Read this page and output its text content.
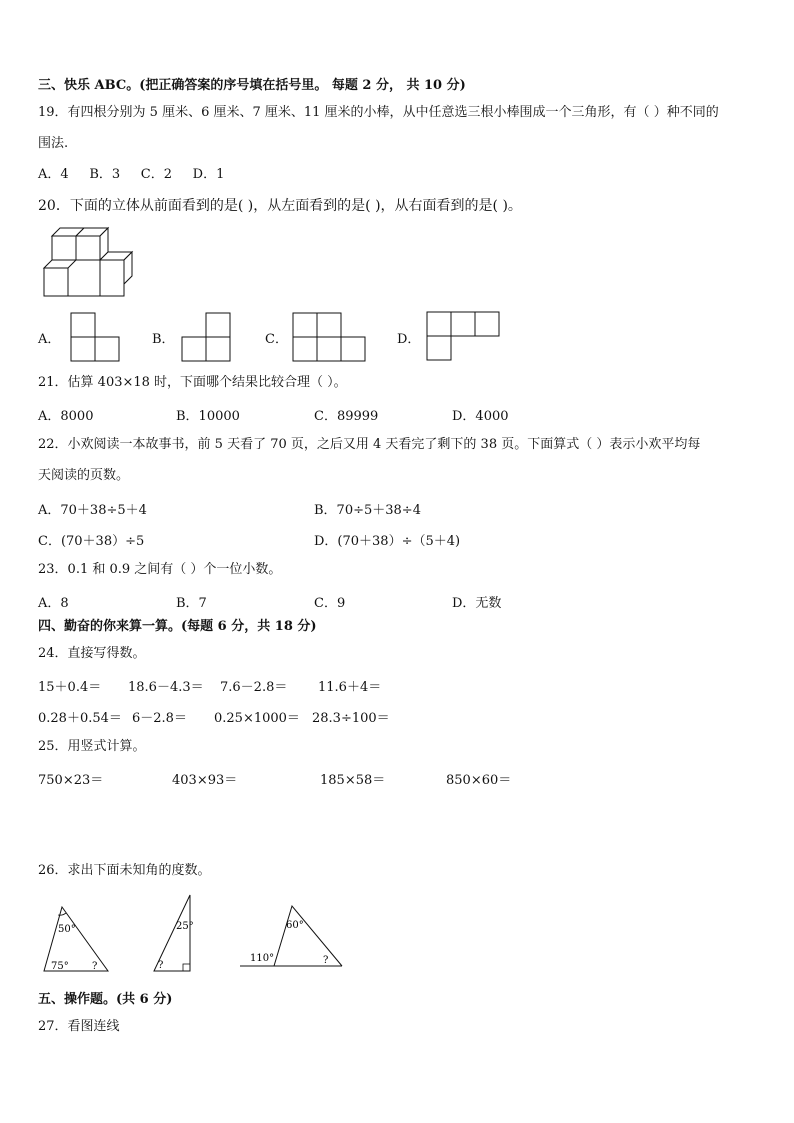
三、快乐 ABC。(把正确答案的序号填在括号里。 每题 2 分， 共 10 分)
19．有四根分别为 5 厘米、6 厘米、7 厘米、11 厘米的小棒，从中任意选三根小棒围成一个三角形，有（ ）种不同的
围法.
A．4     B．3     C．2     D．1
20．下面的立体从前面看到的是( )，从左面看到的是( )，从右面看到的是( )。
A．	B．	C．	D．
21．估算 403×18 时，下面哪个结果比较合理（ ）。
A．8000	B．10000	C．89999	D．4000
22．小欢阅读一本故事书，前 5 天看了 70 页，之后又用 4 天看完了剩下的 38 页。下面算式（ ）表示小欢平均每
天阅读的页数。
A．70＋38÷5＋4	B．70÷5＋38÷4
C．(70＋38）÷5	D．(70＋38）÷（5＋4)
23．0.1 和 0.9 之间有（ ）个一位小数。
A．8	B．7	C．9	D．无数
四、勤奋的你来算一算。(每题 6 分，共 18 分)
24．直接写得数。
15＋0.4＝ 18.6－4.3＝ 7.6－2.8＝ 11.6＋4＝
0.28＋0.54＝ 6－2.8＝ 0.25×1000＝ 28.3÷100＝
25．用竖式计算。
750×23＝	403×93＝	185×58＝	850×60＝
26．求出下面未知角的度数。
50°
75° ?
25°
?
60°
110°	?
五、操作题。(共 6 分)
27．看图连线
